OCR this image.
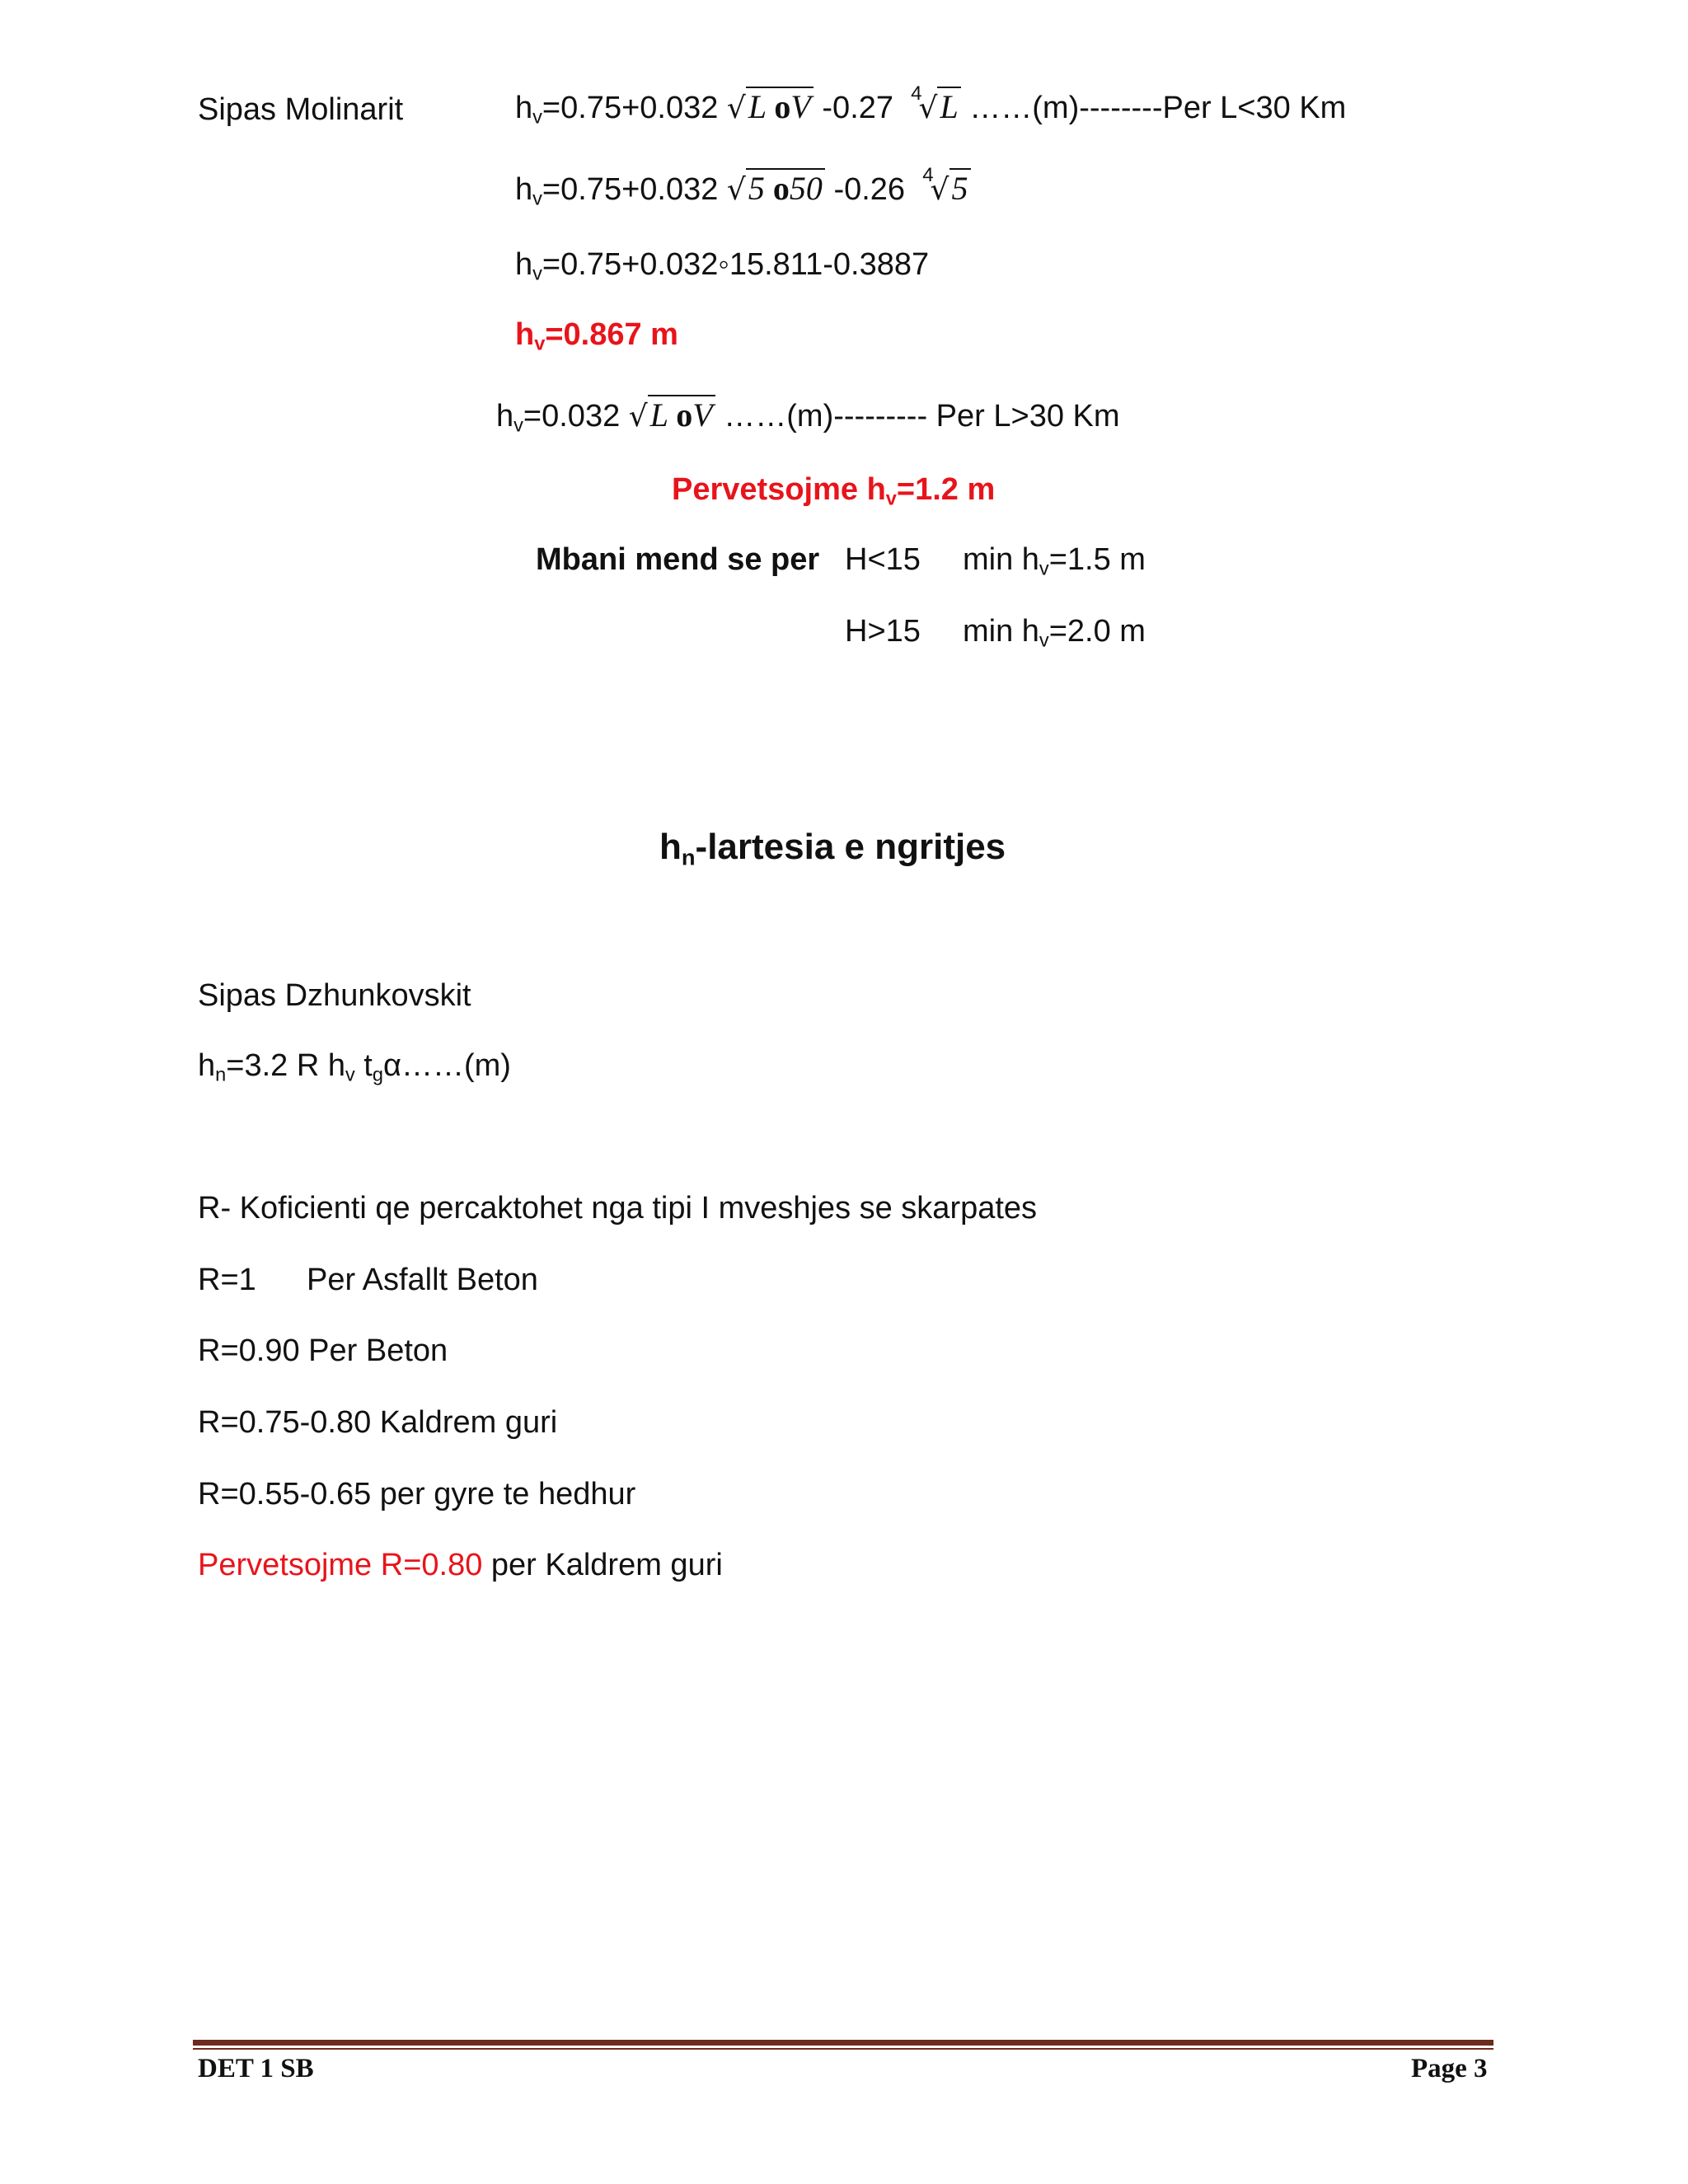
Sipas Molinarit	$h_v=0.75+0.032$ √L oV -0.27 $^4$√L ……(m)--------Per L<30 Km
$h_v=0.75+0.032$ √5 o50 -0.26 $^4$√5
$h_v=0.75+0.032◦15.811-0.3887$
$h_v=0.867$ m
$h_v=0.032$ √L oV ……(m)--------- Per L>30 Km
Pervetsojme $h_v=1.2$ m
Mbani mend se per H<15 $\min h_v=1.5$ m
H>15 $\min h_v=2.0$ m
$h_n$-lartesia e ngritjes
Sipas Dzhunkovskit
$h_n=3.2$ R $h_v$ $t_g\alpha\dots\dots(m)$
R- Koficienti qe percaktohet nga tipi I mveshjes se skarpates
R=1 Per Asfallt Beton
R=0.90 Per Beton
R=0.75-0.80 Kaldrem guri
R=0.55-0.65 per gyre te hedhur
Pervetsojme R=0.80 per Kaldrem guri
DET 1 SB	Page 3
